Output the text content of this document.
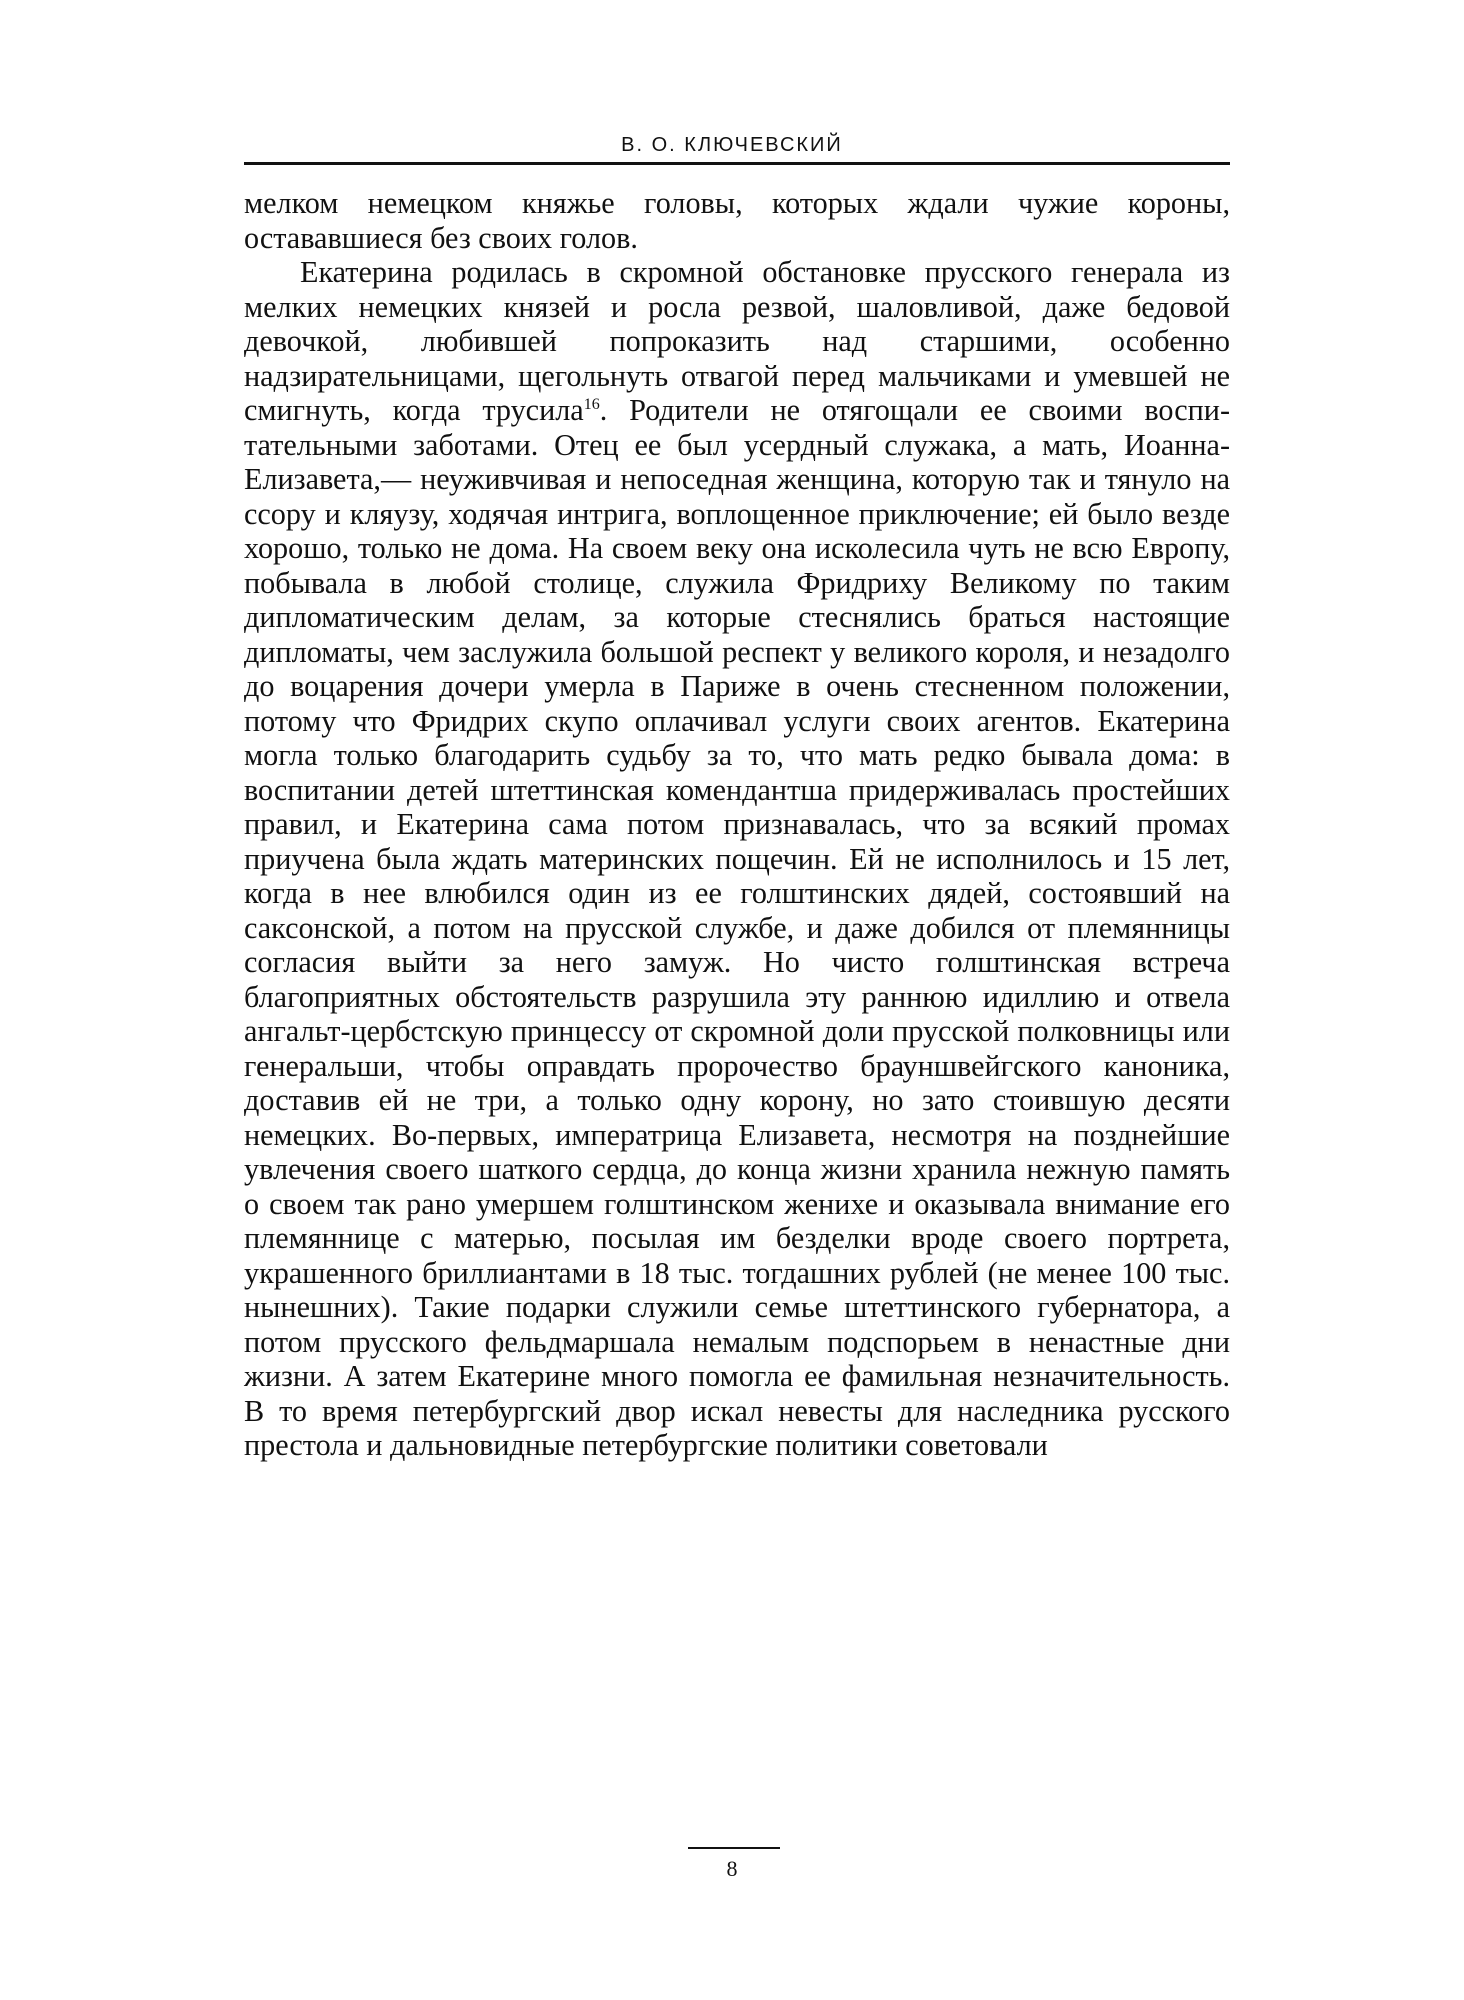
В. О. КЛЮЧЕВСКИЙ

мелком немецком княжье головы, которых ждали чужие короны, остававшиеся без своих голов.

Екатерина родилась в скромной обстановке прусского генерала из мелких немецких князей и росла резвой, шаловливой, даже бедовой девочкой, любившей попроказить над старшими, особенно надзирательницами, щегольнуть отвагой перед мальчиками и умевшей не смигнуть, когда трусила$^{16}$. Родители не отягощали ее своими воспитательными заботами. Отец ее был усердный служака, а мать, Иоанна-Елизавета,— неуживчивая и непоседная женщина, которую так и тянуло на ссору и кляузу, ходячая интрига, воплощенное приключение; ей было везде хорошо, только не дома. На своем веку она исколесила чуть не всю Европу, побывала в любой столице, служила Фридриху Великому по таким дипломатическим делам, за которые стеснялись браться настоящие дипломаты, чем заслужила большой респект у великого короля, и незадолго до воцарения дочери умерла в Париже в очень стесненном положении, потому что Фридрих скупо оплачивал услуги своих агентов. Екатерина могла только благодарить судьбу за то, что мать редко бывала дома: в воспитании детей штеттинская комендантша придерживалась простейших правил, и Екатерина сама потом признавалась, что за всякий промах приучена была ждать материнских пощечин. Ей не исполнилось и 15 лет, когда в нее влюбился один из ее голштинских дядей, состоявший на саксонской, а потом на прусской службе, и даже добился от племянницы согласия выйти за него замуж. Но чисто голштинская встреча благоприятных обстоятельств разрушила эту раннюю идиллию и отвела ангальт-цербстскую принцессу от скромной доли прусской полковницы или генеральши, чтобы оправдать пророчество брауншвейгского каноника, доставив ей не три, а только одну корону, но зато стоившую десяти немецких. Во-первых, императрица Елизавета, несмотря на позднейшие увлечения своего шаткого сердца, до конца жизни хранила нежную память о своем так рано умершем голштинском женихе и оказывала внимание его племяннице с матерью, посылая им безделки вроде своего портрета, украшенного бриллиантами в 18 тыс. тогдашних рублей (не менее 100 тыс. нынешних). Такие подарки служили семье штеттинского губернатора, а потом прусского фельдмаршала немалым подспорьем в ненастные дни жизни. А затем Екатерине много помогла ее фамильная незначительность. В то время петербургский двор искал невесты для наследника русского престола и дальновидные петербургские политики советовали

8
